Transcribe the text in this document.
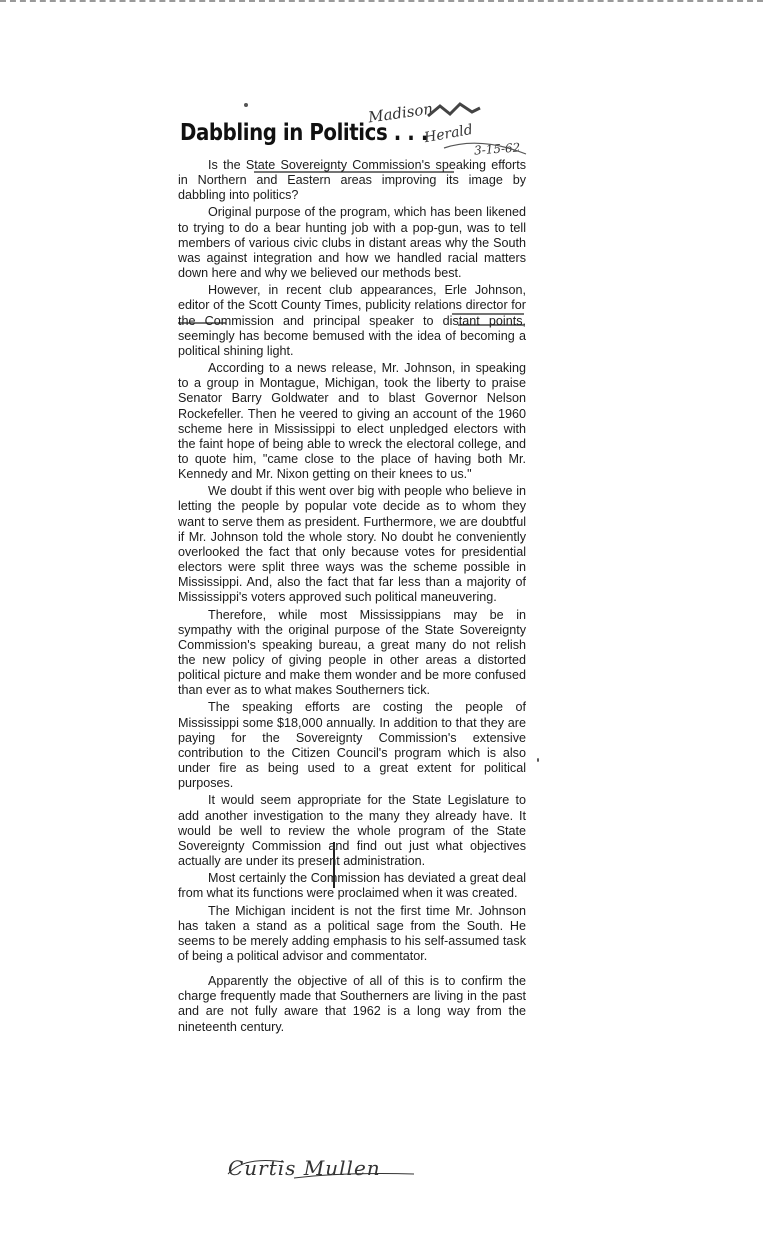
Dabbling in Politics . . .

Is the State Sovereignty Commission's speaking efforts in Northern and Eastern areas improving its image by dabbling into politics?

Original purpose of the program, which has been likened to trying to do a bear hunting job with a pop-gun, was to tell members of various civic clubs in distant areas why the South was against integration and how we handled racial matters down here and why we believed our methods best.

However, in recent club appearances, Erle Johnson, editor of the Scott County Times, publicity relations director for the Commission and principal speaker to distant points, seemingly has become bemused with the idea of becoming a political shining light.

According to a news release, Mr. Johnson, in speaking to a group in Montague, Michigan, took the liberty to praise Senator Barry Goldwater and to blast Governor Nelson Rockefeller. Then he veered to giving an account of the 1960 scheme here in Mississippi to elect unpledged electors with the faint hope of being able to wreck the electoral college, and to quote him, "came close to the place of having both Mr. Kennedy and Mr. Nixon getting on their knees to us."

We doubt if this went over big with people who believe in letting the people by popular vote decide as to whom they want to serve them as president. Furthermore, we are doubtful if Mr. Johnson told the whole story. No doubt he conveniently overlooked the fact that only because votes for presidential electors were split three ways was the scheme possible in Mississippi. And, also the fact that far less than a majority of Mississippi's voters approved such political maneuvering.

Therefore, while most Mississippians may be in sympathy with the original purpose of the State Sovereignty Commission's speaking bureau, a great many do not relish the new policy of giving people in other areas a distorted political picture and make them wonder and be more confused than ever as to what makes Southerners tick.

The speaking efforts are costing the people of Mississippi some $18,000 annually. In addition to that they are paying for the Sovereignty Commission's extensive contribution to the Citizen Council's program which is also under fire as being used to a great extent for political purposes.

It would seem appropriate for the State Legislature to add another investigation to the many they already have. It would be well to review the whole program of the State Sovereignty Commission and find out just what objectives actually are under its present administration.

Most certainly the Commission has deviated a great deal from what its functions were proclaimed when it was created.

The Michigan incident is not the first time Mr. Johnson has taken a stand as a political sage from the South. He seems to be merely adding emphasis to his self-assumed task of being a political advisor and commentator.

Apparently the objective of all of this is to confirm the charge frequently made that Southerners are living in the past and are not fully aware that 1962 is a long way from the nineteenth century.

Madison
Herald
3-15-62
Curtis Mullen
